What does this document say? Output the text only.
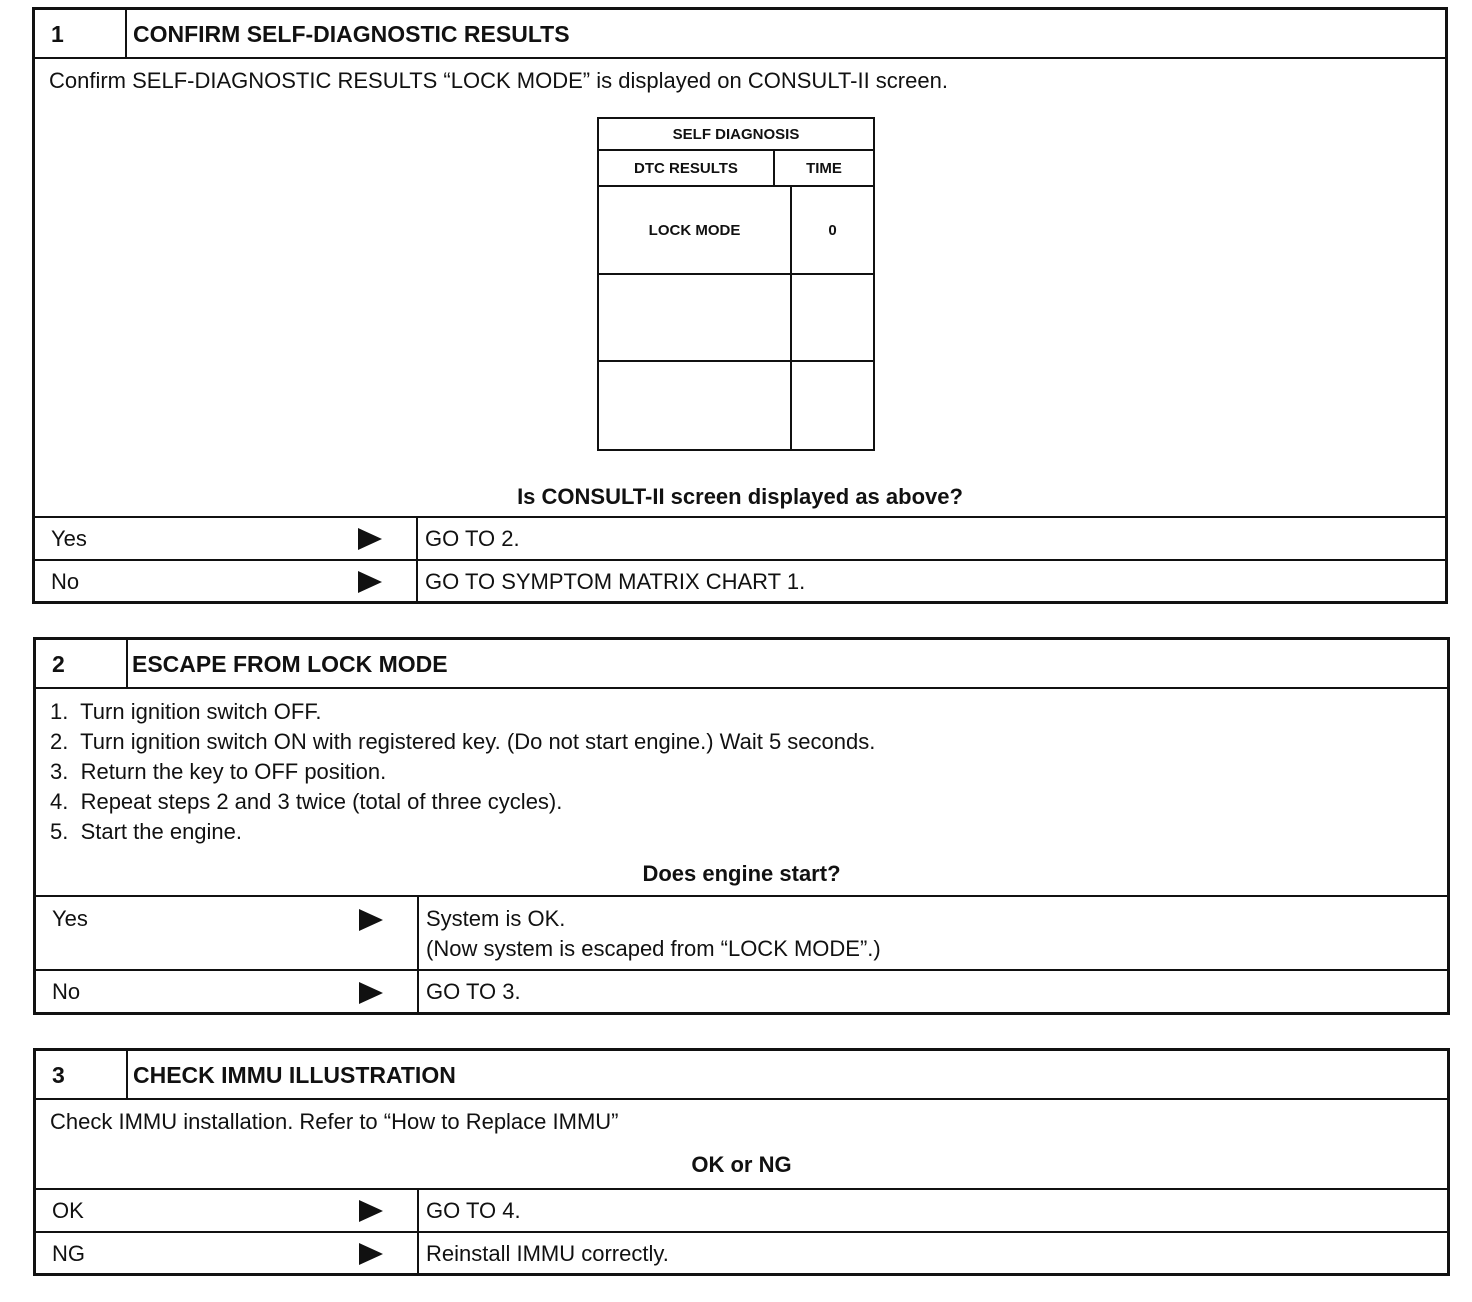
1	CONFIRM SELF-DIAGNOSTIC RESULTS
Confirm SELF-DIAGNOSTIC RESULTS “LOCK MODE” is displayed on CONSULT-II screen.
SELF DIAGNOSIS
DTC RESULTS	TIME
LOCK MODE	0
Is CONSULT-II screen displayed as above?
Yes	GO TO 2.
No	GO TO SYMPTOM MATRIX CHART 1.
2	ESCAPE FROM LOCK MODE
1.  Turn ignition switch OFF.
2.  Turn ignition switch ON with registered key. (Do not start engine.) Wait 5 seconds.
3.  Return the key to OFF position.
4.  Repeat steps 2 and 3 twice (total of three cycles).
5.  Start the engine.
Does engine start?
Yes	System is OK.
(Now system is escaped from “LOCK MODE”.)
No	GO TO 3.
3	CHECK IMMU ILLUSTRATION
Check IMMU installation. Refer to “How to Replace IMMU”
OK or NG
OK	GO TO 4.
NG	Reinstall IMMU correctly.
